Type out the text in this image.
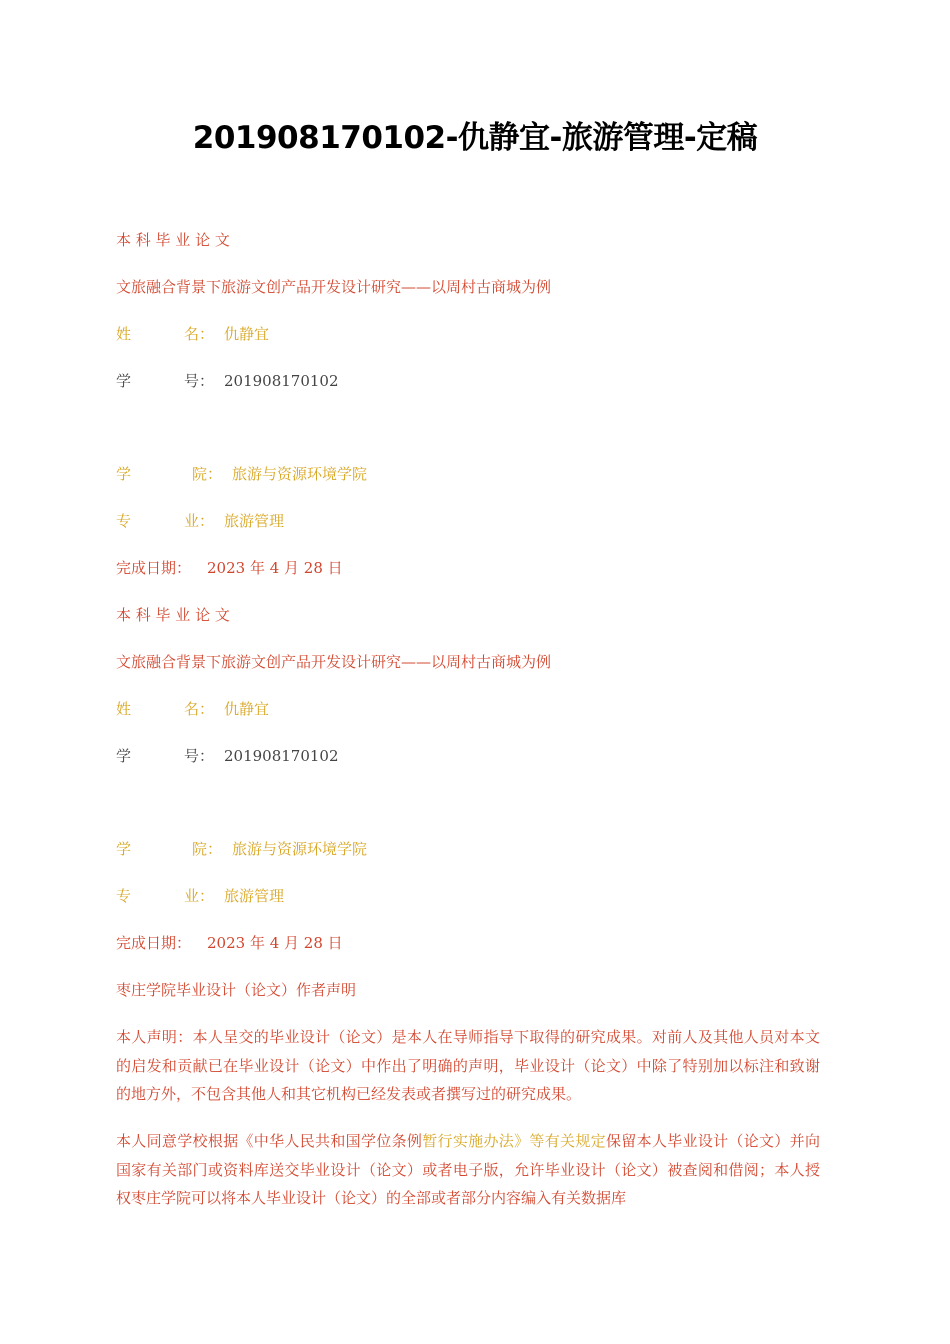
201908170102-仇静宜-旅游管理-定稿
本 科 毕 业 论 文
文旅融合背景下旅游文创产品开发设计研究——以周村古商城为例
姓	名： 仇静宜
学	号： 201908170102
学	院： 旅游与资源环境学院
专	业： 旅游管理
完成日期： 2023 年 4 月 28 日
本 科 毕 业 论 文
文旅融合背景下旅游文创产品开发设计研究——以周村古商城为例
姓	名： 仇静宜
学	号： 201908170102
学	院： 旅游与资源环境学院
专	业： 旅游管理
完成日期： 2023 年 4 月 28 日
枣庄学院毕业设计（论文）作者声明
本人声明：本人呈交的毕业设计（论文）是本人在导师指导下取得的研究成果。对前人及其他人员对本文的启发和贡献已在毕业设计（论文）中作出了明确的声明，毕业设计（论文）中除了特别加以标注和致谢的地方外，不包含其他人和其它机构已经发表或者撰写过的研究成果。
本人同意学校根据《中华人民共和国学位条例暂行实施办法》等有关规定保留本人毕业设计（论文）并向国家有关部门或资料库送交毕业设计（论文）或者电子版，允许毕业设计（论文）被查阅和借阅；本人授权枣庄学院可以将本人毕业设计（论文）的全部或者部分内容编入有关数据库
